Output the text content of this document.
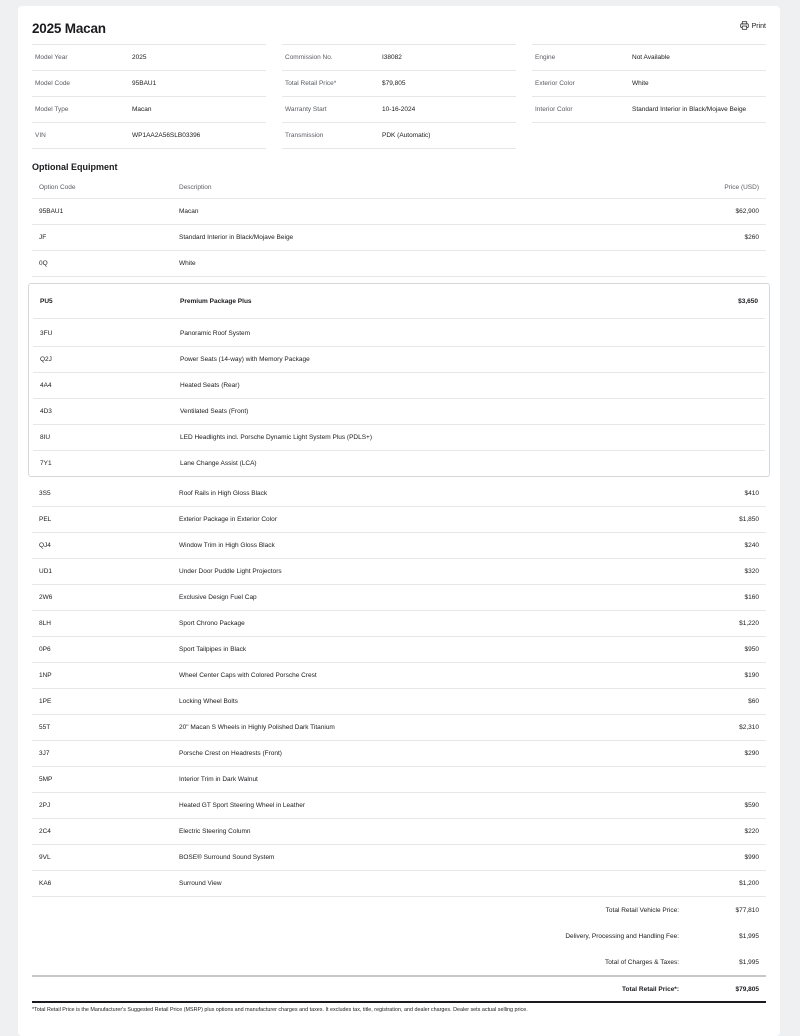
2025 Macan	Print
Model Year	2025
Model Code	95BAU1
Model Type	Macan
VIN	WP1AA2A56SLB03396
Commission No.	I38082
Total Retail Price*	$79,805
Warranty Start	10-16-2024
Transmission	PDK (Automatic)
Engine	Not Available
Exterior Color	White
Interior Color	Standard Interior in Black/Mojave Beige
Optional Equipment
Option Code	Description	Price (USD)
95BAU1	Macan	$62,900
JF	Standard Interior in Black/Mojave Beige	$260
0Q	White
PU5	Premium Package Plus	$3,650
3FU	Panoramic Roof System
Q2J	Power Seats (14-way) with Memory Package
4A4	Heated Seats (Rear)
4D3	Ventilated Seats (Front)
8IU	LED Headlights incl. Porsche Dynamic Light System Plus (PDLS+)
7Y1	Lane Change Assist (LCA)
3S5	Roof Rails in High Gloss Black	$410
PEL	Exterior Package in Exterior Color	$1,850
QJ4	Window Trim in High Gloss Black	$240
UD1	Under Door Puddle Light Projectors	$320
2W6	Exclusive Design Fuel Cap	$160
8LH	Sport Chrono Package	$1,220
0P6	Sport Tailpipes in Black	$950
1NP	Wheel Center Caps with Colored Porsche Crest	$190
1PE	Locking Wheel Bolts	$60
55T	20" Macan S Wheels in Highly Polished Dark Titanium	$2,310
3J7	Porsche Crest on Headrests (Front)	$290
5MP	Interior Trim in Dark Walnut
2PJ	Heated GT Sport Steering Wheel in Leather	$590
2C4	Electric Steering Column	$220
9VL	BOSE® Surround Sound System	$990
KA6	Surround View	$1,200
Total Retail Vehicle Price:	$77,810
Delivery, Processing and Handling Fee:	$1,995
Total of Charges & Taxes:	$1,995
Total Retail Price*:	$79,805
*Total Retail Price is the Manufacturer's Suggested Retail Price (MSRP) plus options and manufacturer charges and taxes. It excludes tax, title, registration, and dealer charges. Dealer sets actual selling price.
